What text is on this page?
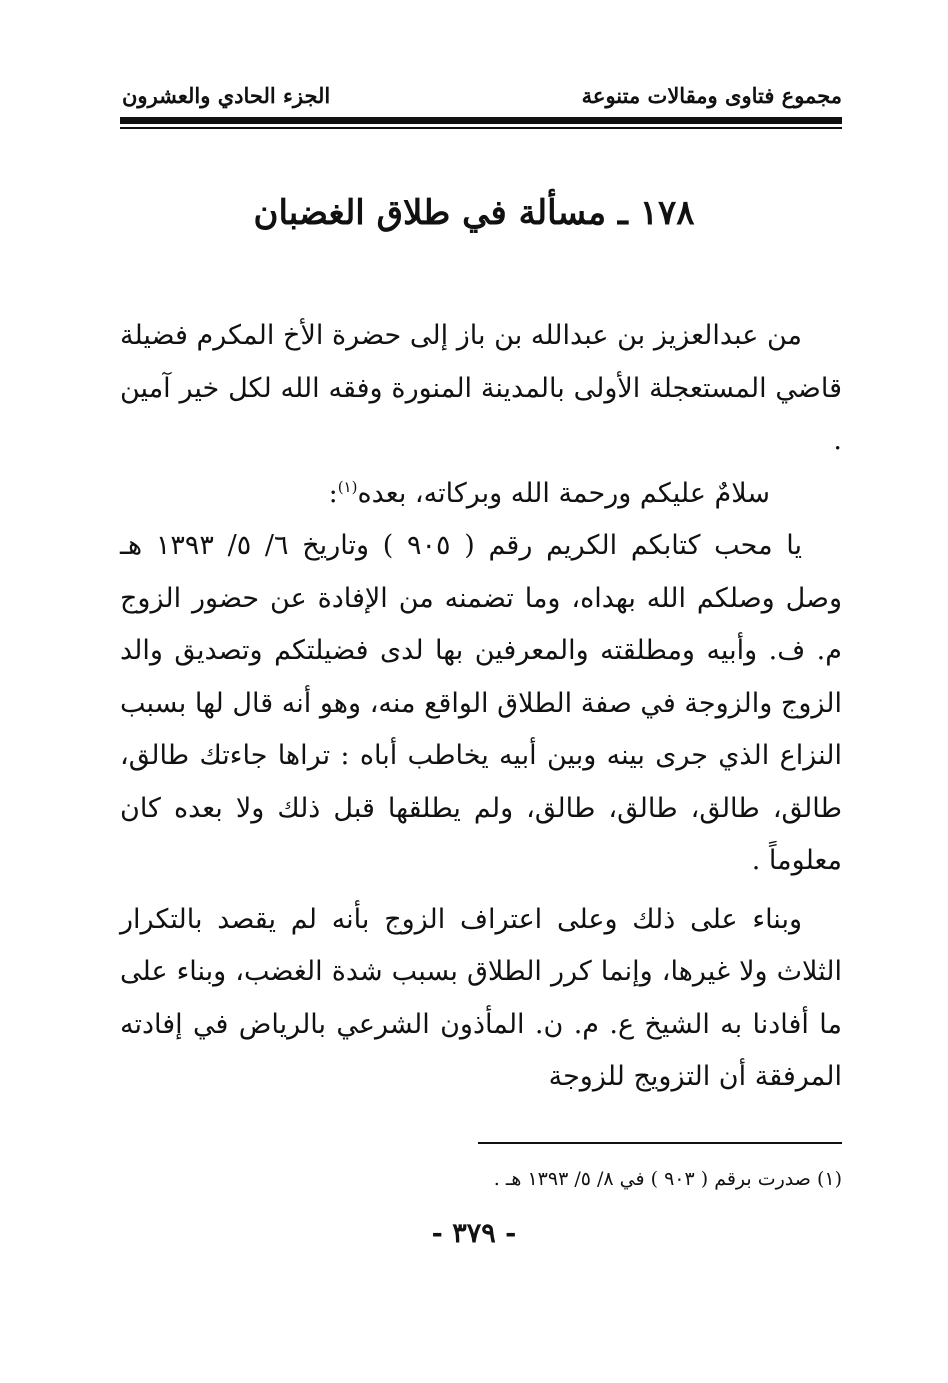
مجموع فتاوى ومقالات متنوعة
الجزء الحادي والعشرون
١٧٨ ـ مسألة في طلاق الغضبان

من عبدالعزيز بن عبدالله بن باز إلى حضرة الأخ المكرم فضيلة قاضي المستعجلة الأولى بالمدينة المنورة وفقه الله لكل خير آمين .

سلامٌ عليكم ورحمة الله وبركاته، بعده$^{(١)}$:

يا محب كتابكم الكريم رقم ( ٩٠٥ ) وتاريخ ٦/ ٥/ ١٣٩٣ هـ وصل وصلكم الله بهداه، وما تضمنه من الإفادة عن حضور الزوج م. ف. وأبيه ومطلقته والمعرفين بها لدى فضيلتكم وتصديق والد الزوج والزوجة في صفة الطلاق الواقع منه، وهو أنه قال لها بسبب النزاع الذي جرى بينه وبين أبيه يخاطب أباه : تراها جاءتك طالق، طالق، طالق، طالق، طالق، ولم يطلقها قبل ذلك ولا بعده كان معلوماً .

وبناء على ذلك وعلى اعتراف الزوج بأنه لم يقصد بالتكرار الثلاث ولا غيرها، وإنما كرر الطلاق بسبب شدة الغضب، وبناء على ما أفادنا به الشيخ ع. م. ن. المأذون الشرعي بالرياض في إفادته المرفقة أن التزويج للزوجة

(١) صدرت برقم ( ٩٠٣ ) في ٨/ ٥/ ١٣٩٣ هـ .
- ٣٧٩ -
